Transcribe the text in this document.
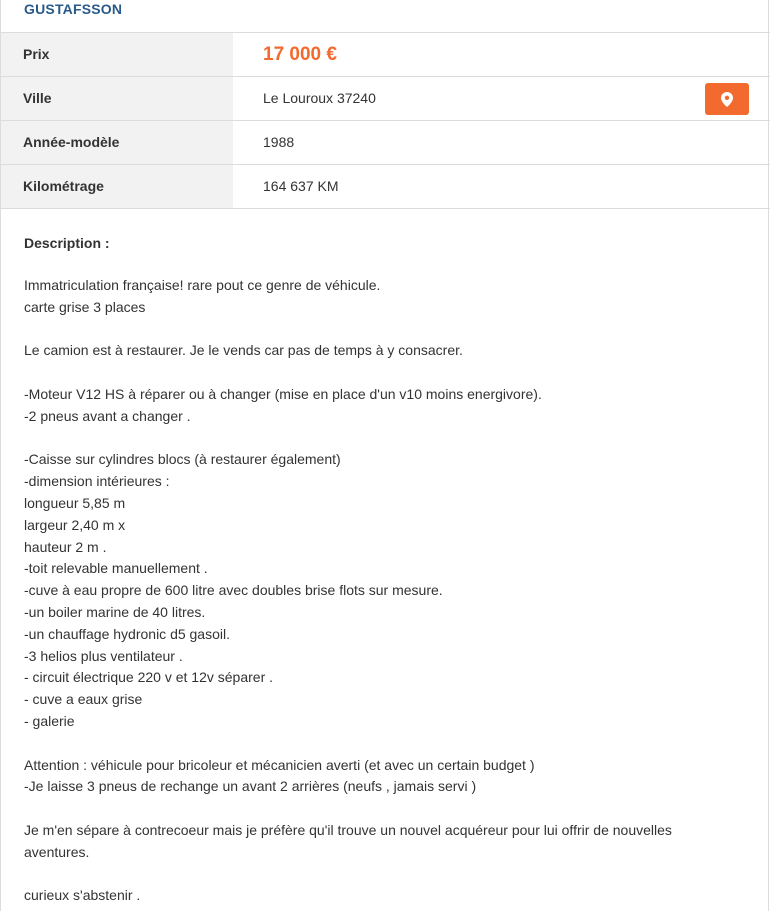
GUSTAFSSON
Prix	17 000 €
Ville	Le Louroux 37240
Année-modèle	1988
Kilométrage	164 637 KM
Description :

Immatriculation française! rare pout ce genre de véhicule.
carte grise 3 places

Le camion est à restaurer. Je le vends car pas de temps à y consacrer.

-Moteur V12 HS à réparer ou à changer (mise en place d'un v10 moins energivore).
-2 pneus avant a changer .

-Caisse sur cylindres blocs (à restaurer également)
-dimension intérieures :
longueur 5,85 m
largeur 2,40 m x
hauteur 2 m .
-toit relevable manuellement .
-cuve à eau propre de 600 litre avec doubles brise flots sur mesure.
-un boiler marine de 40 litres.
-un chauffage hydronic d5 gasoil.
-3 helios plus ventilateur .
- circuit électrique 220 v et 12v séparer .
- cuve a eaux grise
- galerie

Attention : véhicule pour bricoleur et mécanicien averti (et avec un certain budget )
-Je laisse 3 pneus de rechange un avant 2 arrières (neufs , jamais servi )

Je m'en sépare à contrecoeur mais je préfère qu'il trouve un nouvel acquéreur pour lui offrir de nouvelles
aventures.

curieux s'abstenir .
